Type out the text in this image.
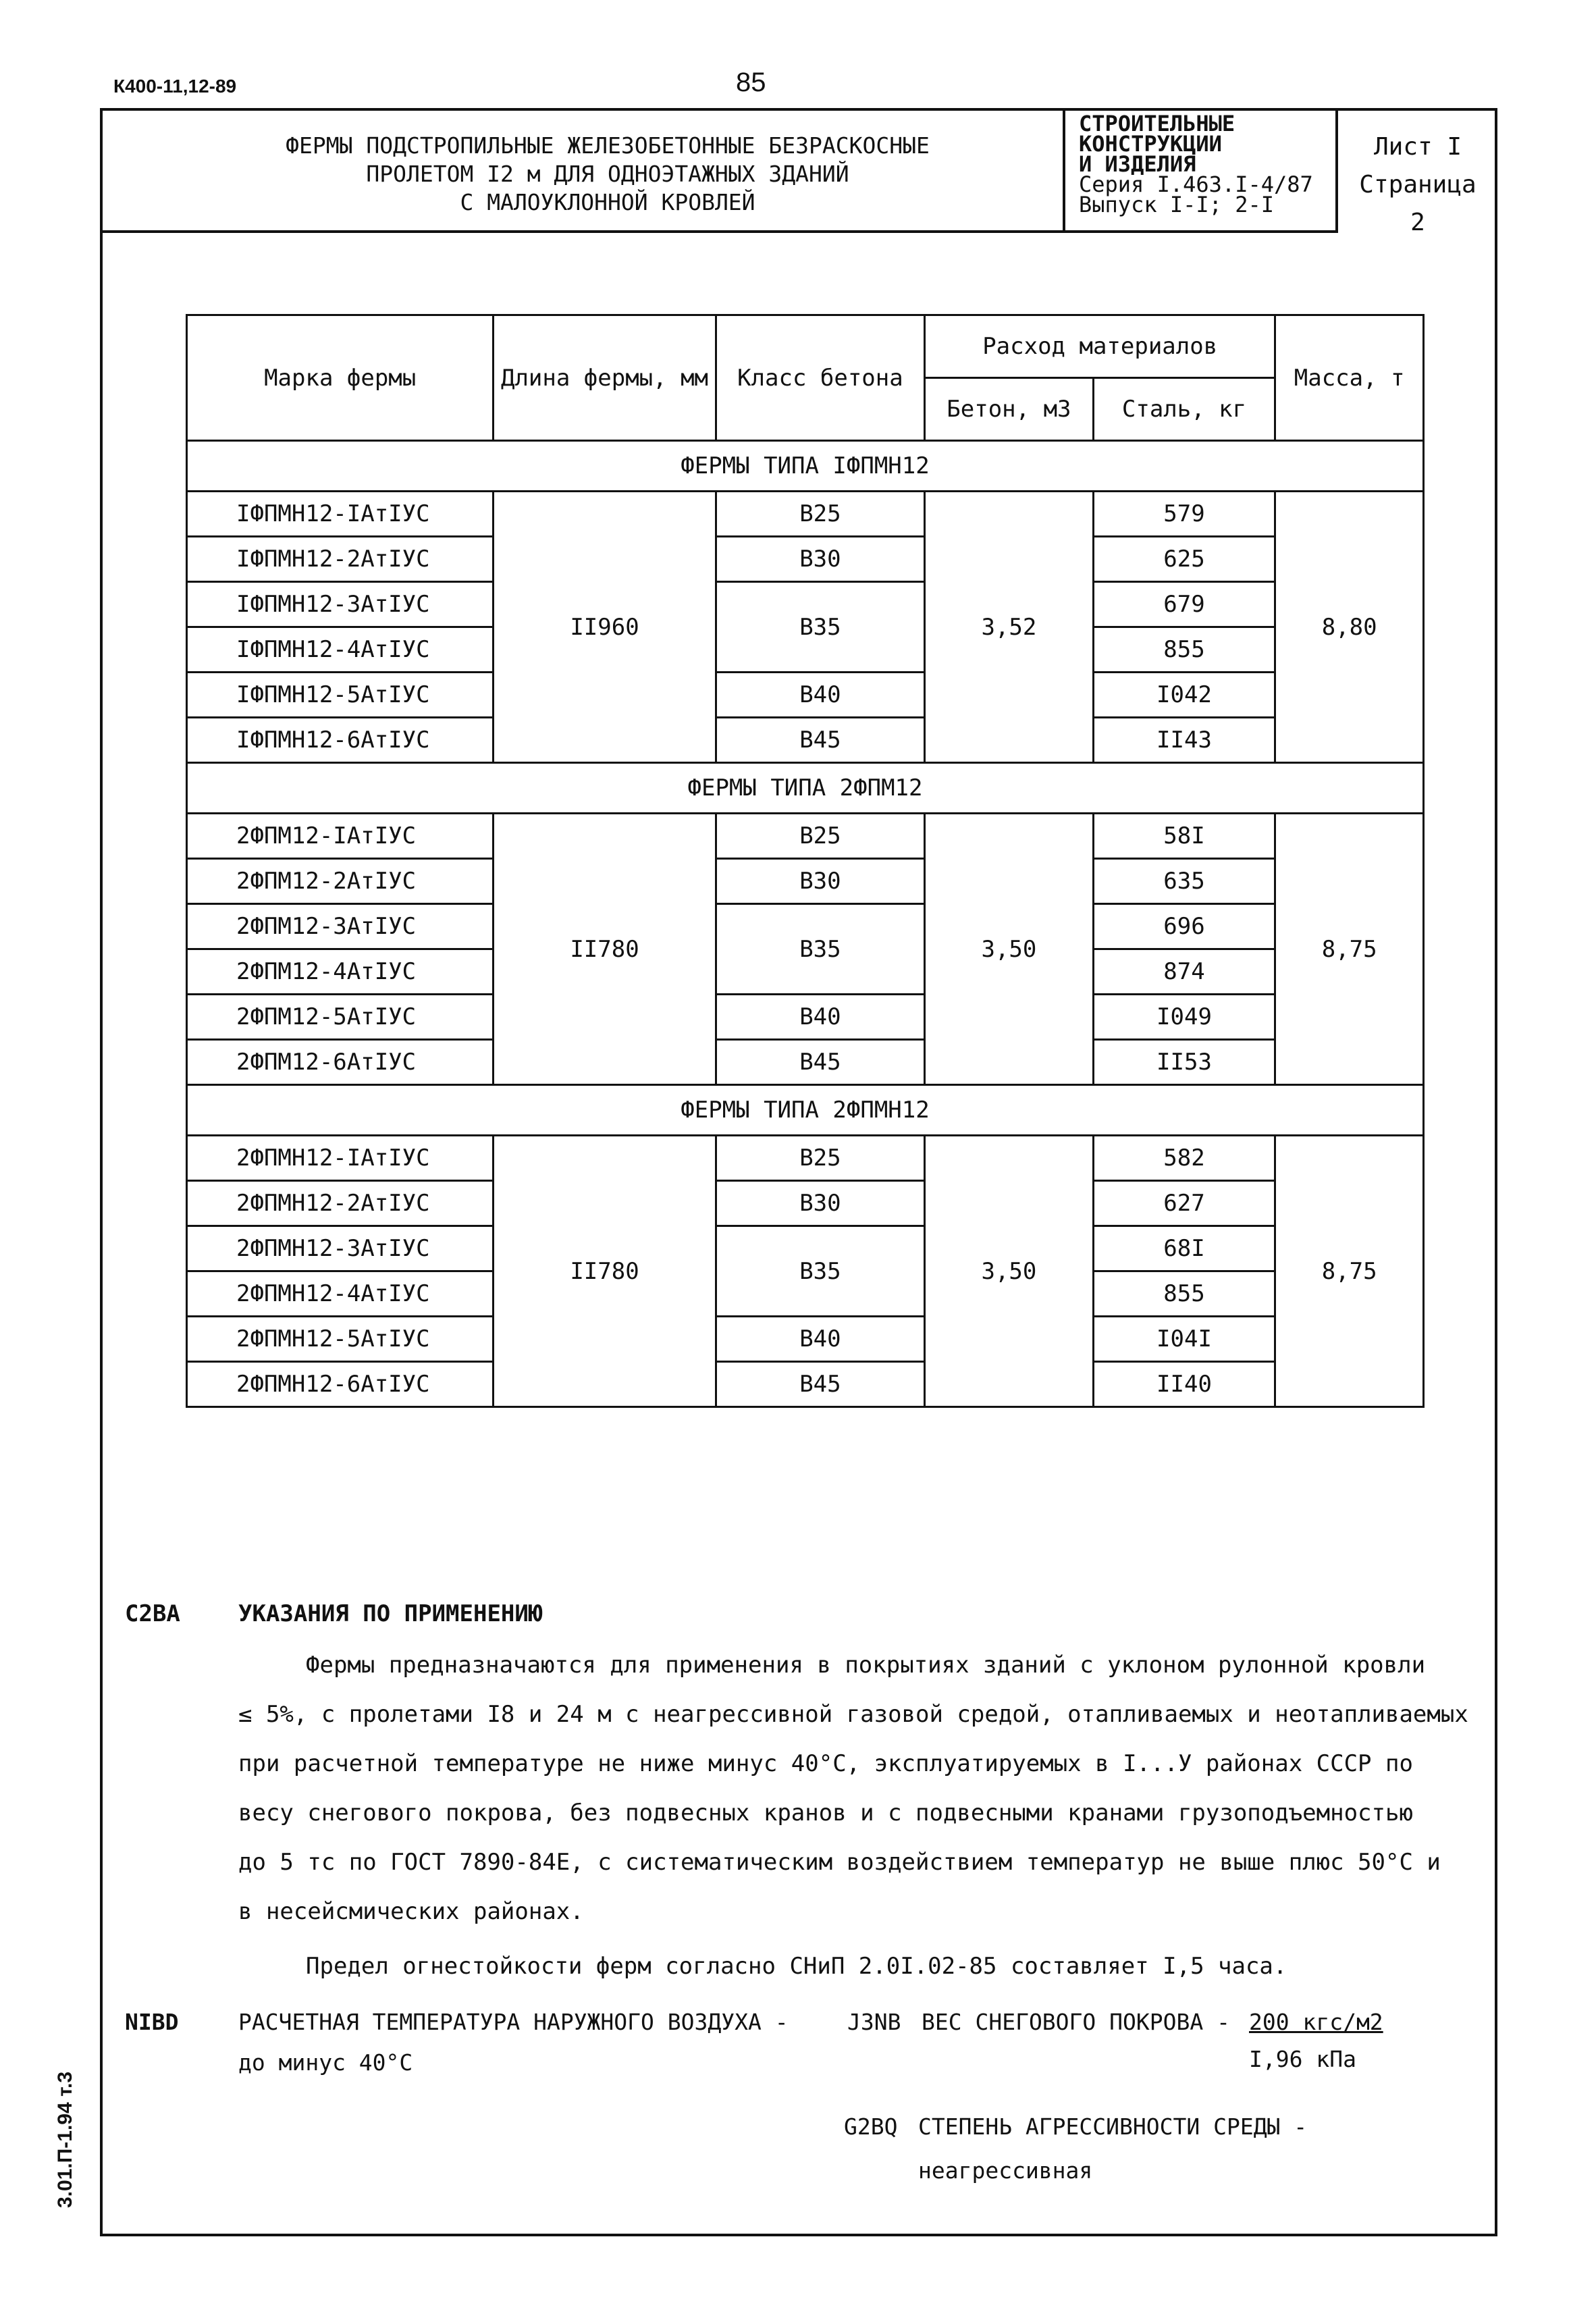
К400-11,12-89	85
ФЕРМЫ ПОДСТРОПИЛЬНЫЕ ЖЕЛЕЗОБЕТОННЫЕ БЕЗРАСКОСНЫЕ
ПРОЛЕТОМ I2 м ДЛЯ ОДНОЭТАЖНЫХ ЗДАНИЙ
С МАЛОУКЛОННОЙ КРОВЛЕЙ
СТРОИТЕЛЬНЫЕ
КОНСТРУКЦИИ
И ИЗДЕЛИЯ
Серия I.463.I-4/87
Выпуск I-I; 2-I
Лист I
Страница 2
3.01.П-1.94 т.3
Марка фермы	Длина фермы, мм	Класс бетона	Расход материалов		Масса, т
			Бетон, м3	Сталь, кг	
ФЕРМЫ ТИПА IФПМН12					
IФПМН12-IАтIУС	II960	B25	3,52	579	8,80
IФПМН12-2АтIУС		B30		625	
IФПМН12-3АтIУС		B35		679	
IФПМН12-4АтIУС				855	
IФПМН12-5АтIУС		B40		I042	
IФПМН12-6АтIУС		B45		II43	
ФЕРМЫ ТИПА 2ФПМ12					
2ФПМ12-IАтIУС	II780	B25	3,50	58I	8,75
2ФПМ12-2АтIУС		B30		635	
2ФПМ12-3АтIУС		B35		696	
2ФПМ12-4АтIУС				874	
2ФПМ12-5АтIУС		B40		I049	
2ФПМ12-6АтIУС		B45		II53	
ФЕРМЫ ТИПА 2ФПМН12					
2ФПМН12-IАтIУС	II780	B25	3,50	582	8,75
2ФПМН12-2АтIУС		B30		627	
2ФПМН12-3АтIУС		B35		68I	
2ФПМН12-4АтIУС				855	
2ФПМН12-5АтIУС		B40		I04I	
2ФПМН12-6АтIУС		B45		II40	
C2BA	УКАЗАНИЯ ПО ПРИМЕНЕНИЮ
Фермы предназначаются для применения в покрытиях зданий с уклоном рулонной кровли
≤ 5%, с пролетами I8 и 24 м с неагрессивной газовой средой, отапливаемых и неотапливаемых
при расчетной температуре не ниже минус 40°С, эксплуатируемых в I...У районах СССР по
весу снегового покрова, без подвесных кранов и с подвесными кранами грузоподъемностью
до 5 тс по ГОСТ 7890-84Е, с систематическим воздействием температур не выше плюс 50°С и
в несейсмических районах.
Предел огнестойкости ферм согласно СНиП 2.0I.02-85 составляет I,5 часа.
NIBD	РАСЧЕТНАЯ ТЕМПЕРАТУРА НАРУЖНОГО ВОЗДУХА -
до минус 40°С
J3NB ВЕС СНЕГОВОГО ПОКРОВА - 200 кгс/м2
I,96 кПа
G2BQ СТЕПЕНЬ АГРЕССИВНОСТИ СРЕДЫ -
неагрессивная
